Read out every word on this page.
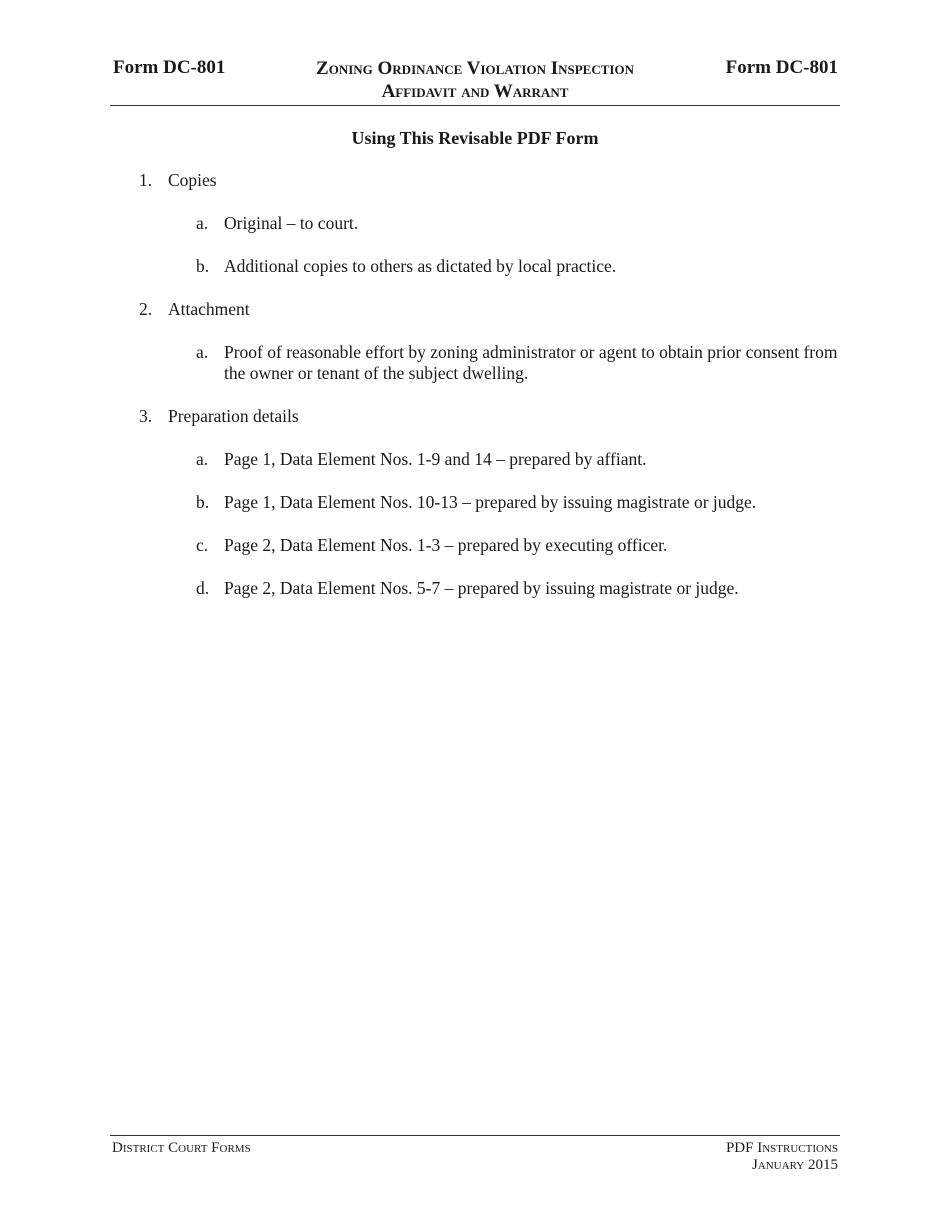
Form DC-801	Zoning Ordinance Violation Inspection
Affidavit and Warrant
Form DC-801
Using This Revisable PDF Form
1. Copies
a. Original – to court.
b. Additional copies to others as dictated by local practice.
2. Attachment
a. Proof of reasonable effort by zoning administrator or agent to obtain prior consent from the owner or tenant of the subject dwelling.
3. Preparation details
a. Page 1, Data Element Nos. 1-9 and 14 – prepared by affiant.
b. Page 1, Data Element Nos. 10-13 – prepared by issuing magistrate or judge.
c. Page 2, Data Element Nos. 1-3 – prepared by executing officer.
d. Page 2, Data Element Nos. 5-7 – prepared by issuing magistrate or judge.
District Court Forms	PDF Instructions
January 2015
